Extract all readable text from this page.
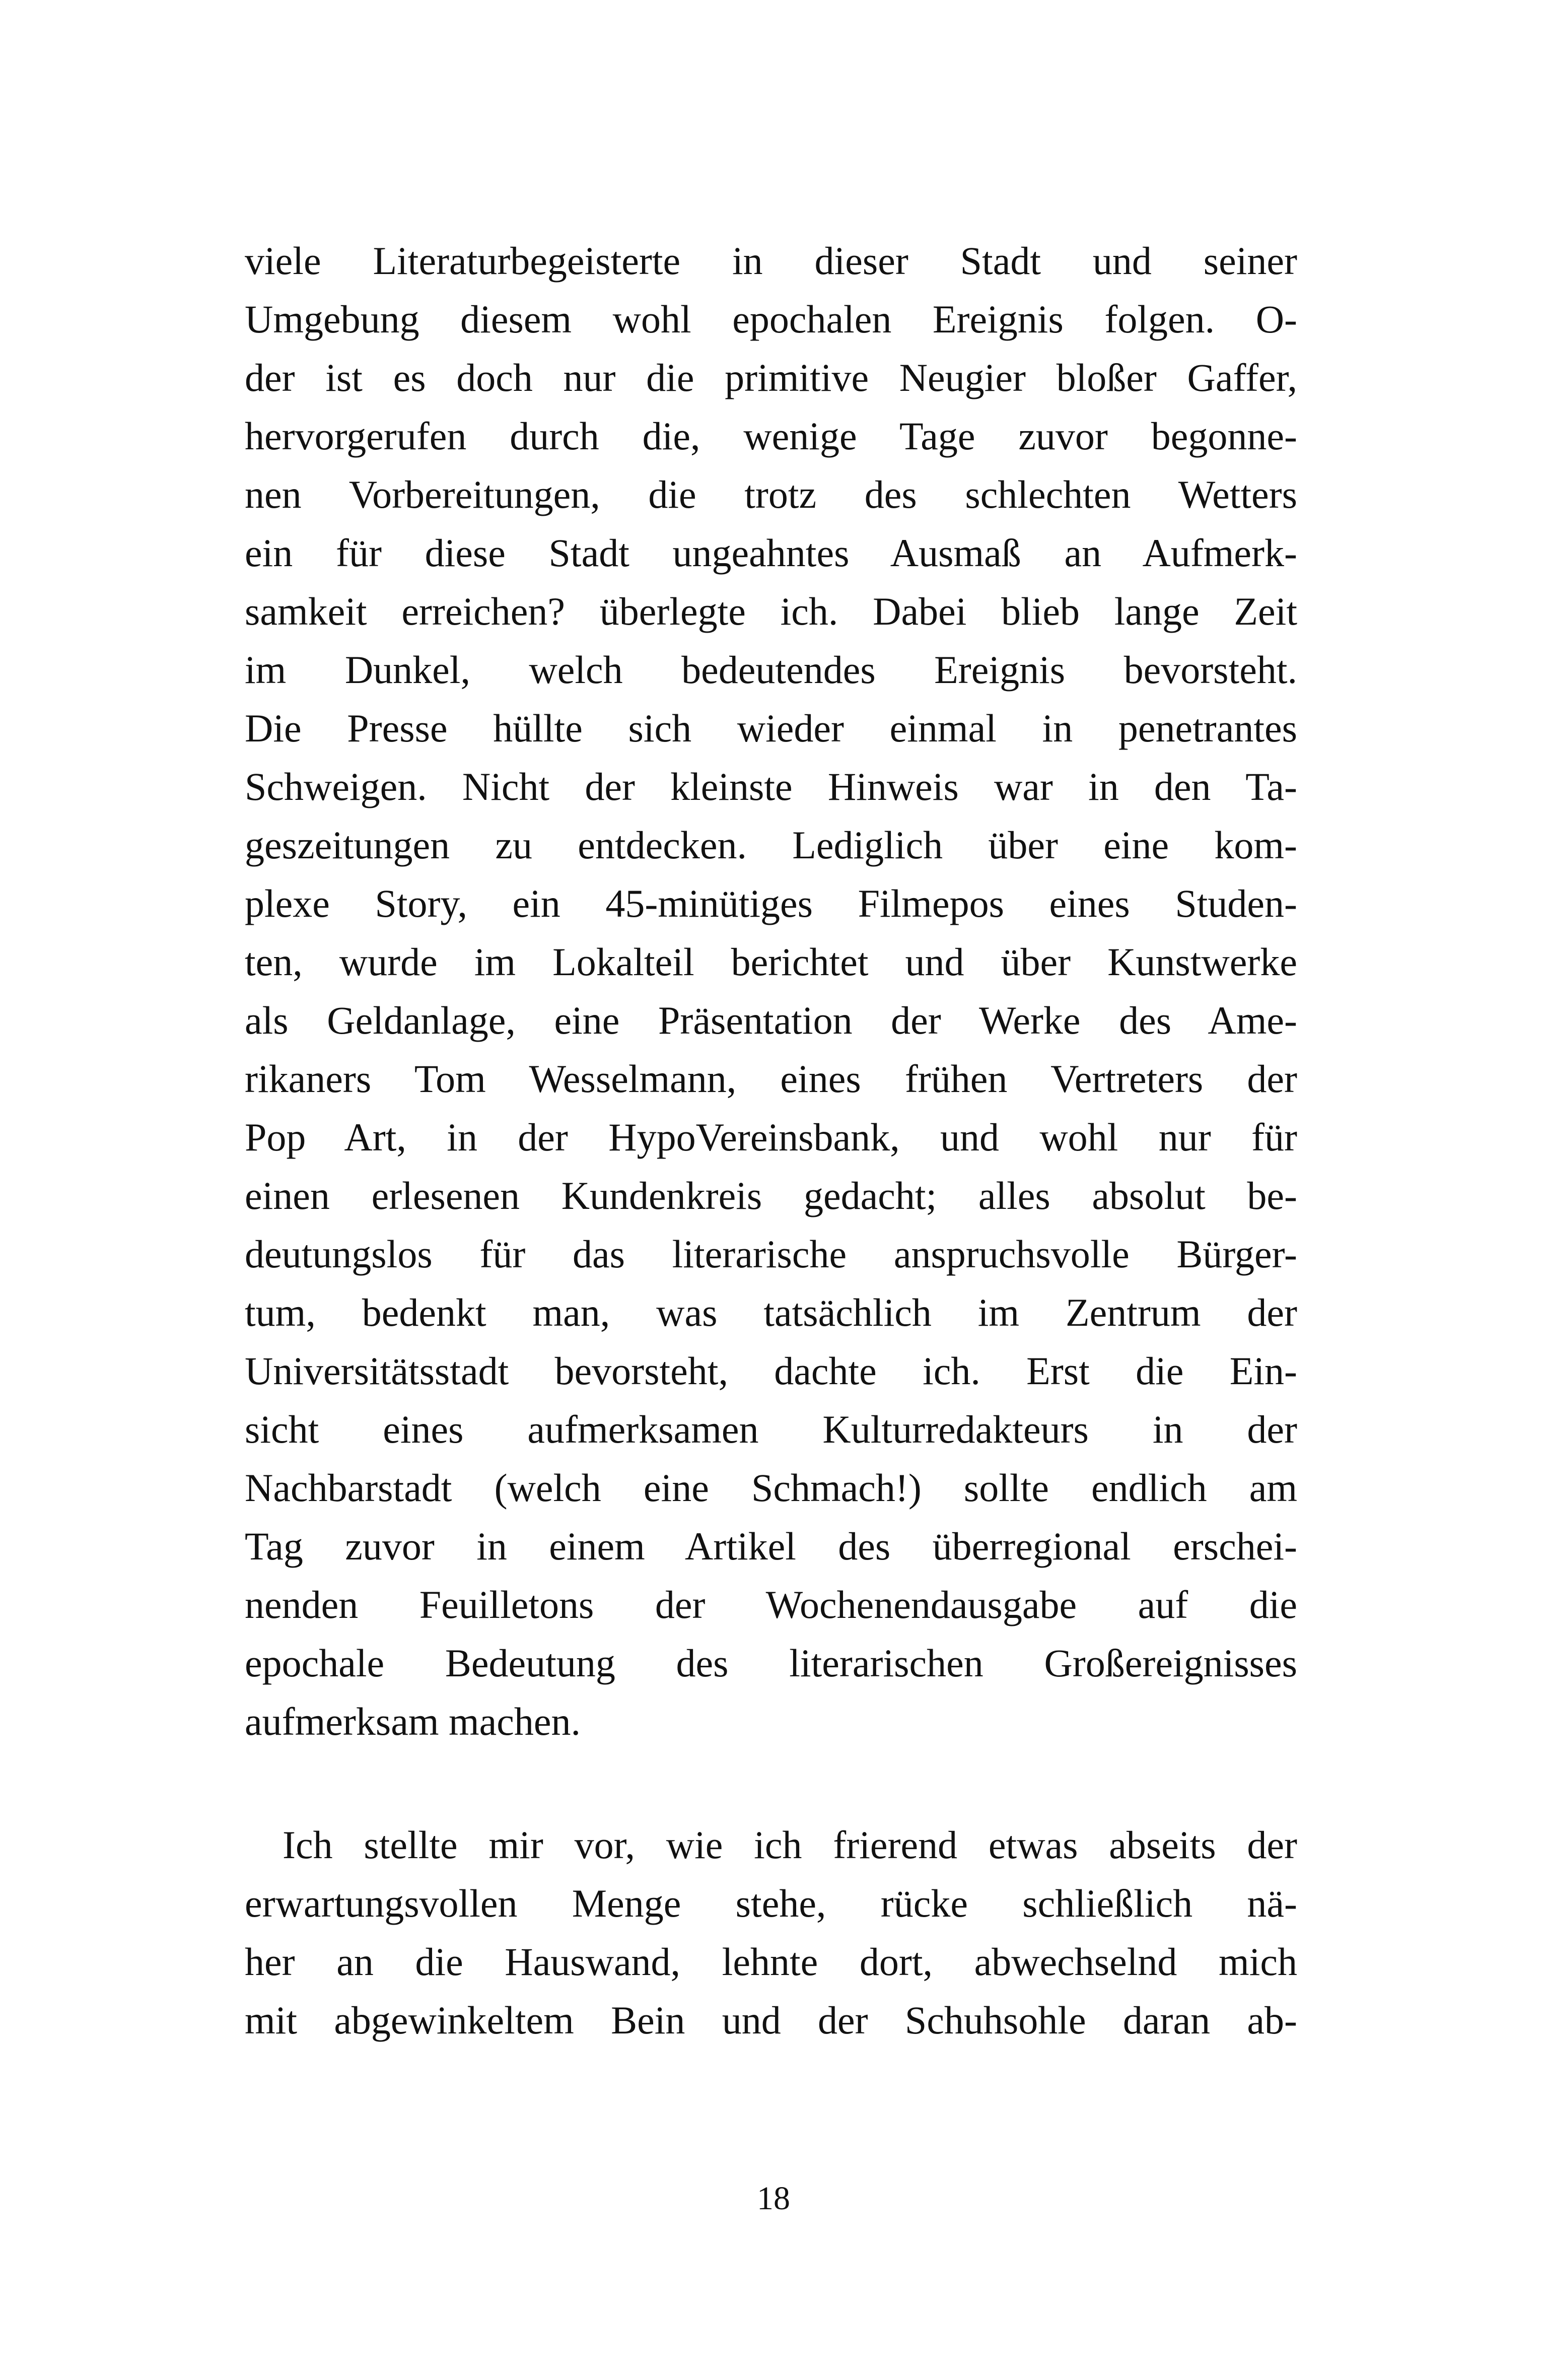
viele Literaturbegeisterte in dieser Stadt und seiner
Umgebung diesem wohl epochalen Ereignis folgen. O-
der ist es doch nur die primitive Neugier bloßer Gaffer,
hervorgerufen durch die, wenige Tage zuvor begonne-
nen Vorbereitungen, die trotz des schlechten Wetters
ein für diese Stadt ungeahntes Ausmaß an Aufmerk-
samkeit erreichen? überlegte ich. Dabei blieb lange Zeit
im Dunkel, welch bedeutendes Ereignis bevorsteht.
Die Presse hüllte sich wieder einmal in penetrantes
Schweigen. Nicht der kleinste Hinweis war in den Ta-
geszeitungen zu entdecken. Lediglich über eine kom-
plexe Story, ein 45-minütiges Filmepos eines Studen-
ten, wurde im Lokalteil berichtet und über Kunstwerke
als Geldanlage, eine Präsentation der Werke des Ame-
rikaners Tom Wesselmann, eines frühen Vertreters der
Pop Art, in der HypoVereinsbank, und wohl nur für
einen erlesenen Kundenkreis gedacht; alles absolut be-
deutungslos für das literarische anspruchsvolle Bürger-
tum, bedenkt man, was tatsächlich im Zentrum der
Universitätsstadt bevorsteht, dachte ich. Erst die Ein-
sicht eines aufmerksamen Kulturredakteurs in der
Nachbarstadt (welch eine Schmach!) sollte endlich am
Tag zuvor in einem Artikel des überregional erschei-
nenden Feuilletons der Wochenendausgabe auf die
epochale Bedeutung des literarischen Großereignisses
aufmerksam machen.
Ich stellte mir vor, wie ich frierend etwas abseits der
erwartungsvollen Menge stehe, rücke schließlich nä-
her an die Hauswand, lehnte dort, abwechselnd mich
mit abgewinkeltem Bein und der Schuhsohle daran ab-
18
